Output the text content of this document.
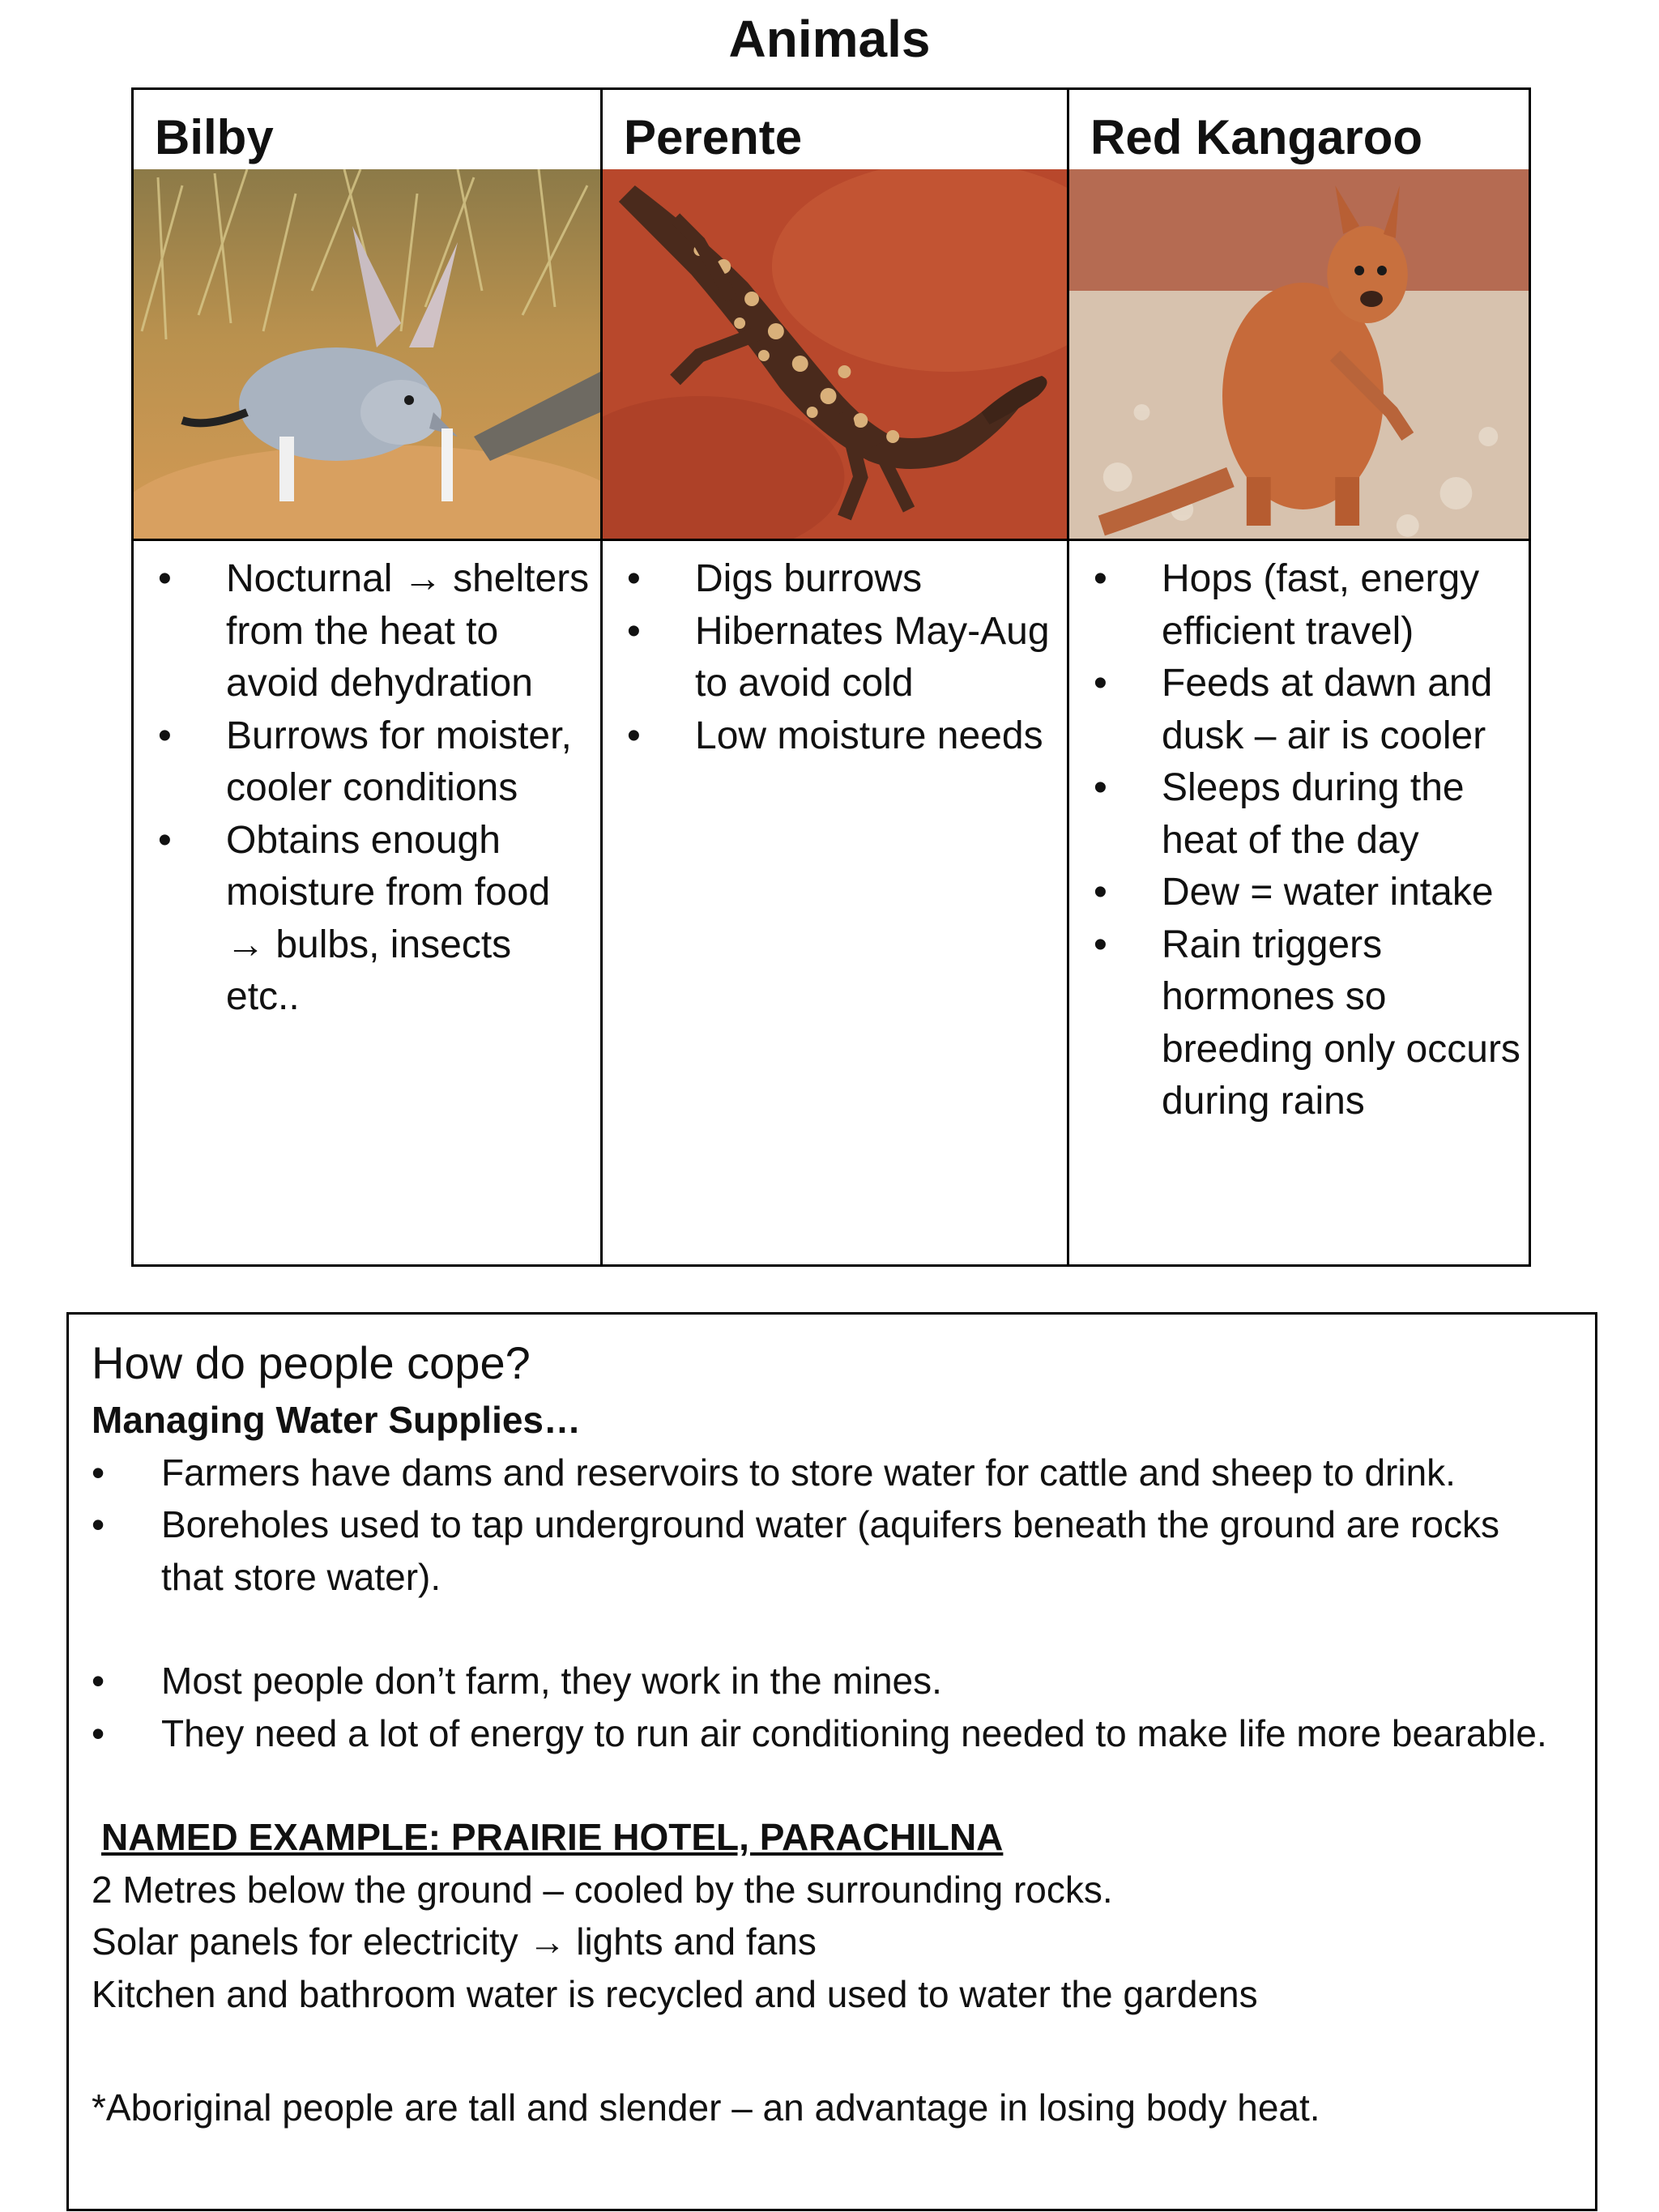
Animals
Bilby
• Nocturnal → shelters from the heat to avoid dehydration
• Burrows for moister, cooler conditions
• Obtains enough moisture from food → bulbs, insects etc..
Perente
• Digs burrows
• Hibernates May-Aug to avoid cold
• Low moisture needs
Red Kangaroo
• Hops (fast, energy efficient travel)
• Feeds at dawn and dusk – air is cooler
• Sleeps during the heat of the day
• Dew = water intake
• Rain triggers hormones so breeding only occurs during rains
How do people cope?
Managing Water Supplies…
• Farmers have dams and reservoirs to store water for cattle and sheep to drink.
• Boreholes used to tap underground water (aquifers beneath the ground are rocks that store water).
• Most people don’t farm, they work in the mines.
• They need a lot of energy to run air conditioning needed to make life more bearable.
NAMED EXAMPLE: PRAIRIE HOTEL, PARACHILNA
2 Metres below the ground – cooled by the surrounding rocks.
Solar panels for electricity → lights and fans
Kitchen and bathroom water is recycled and used to water the gardens
*Aboriginal people are tall and slender – an advantage in losing body heat.
